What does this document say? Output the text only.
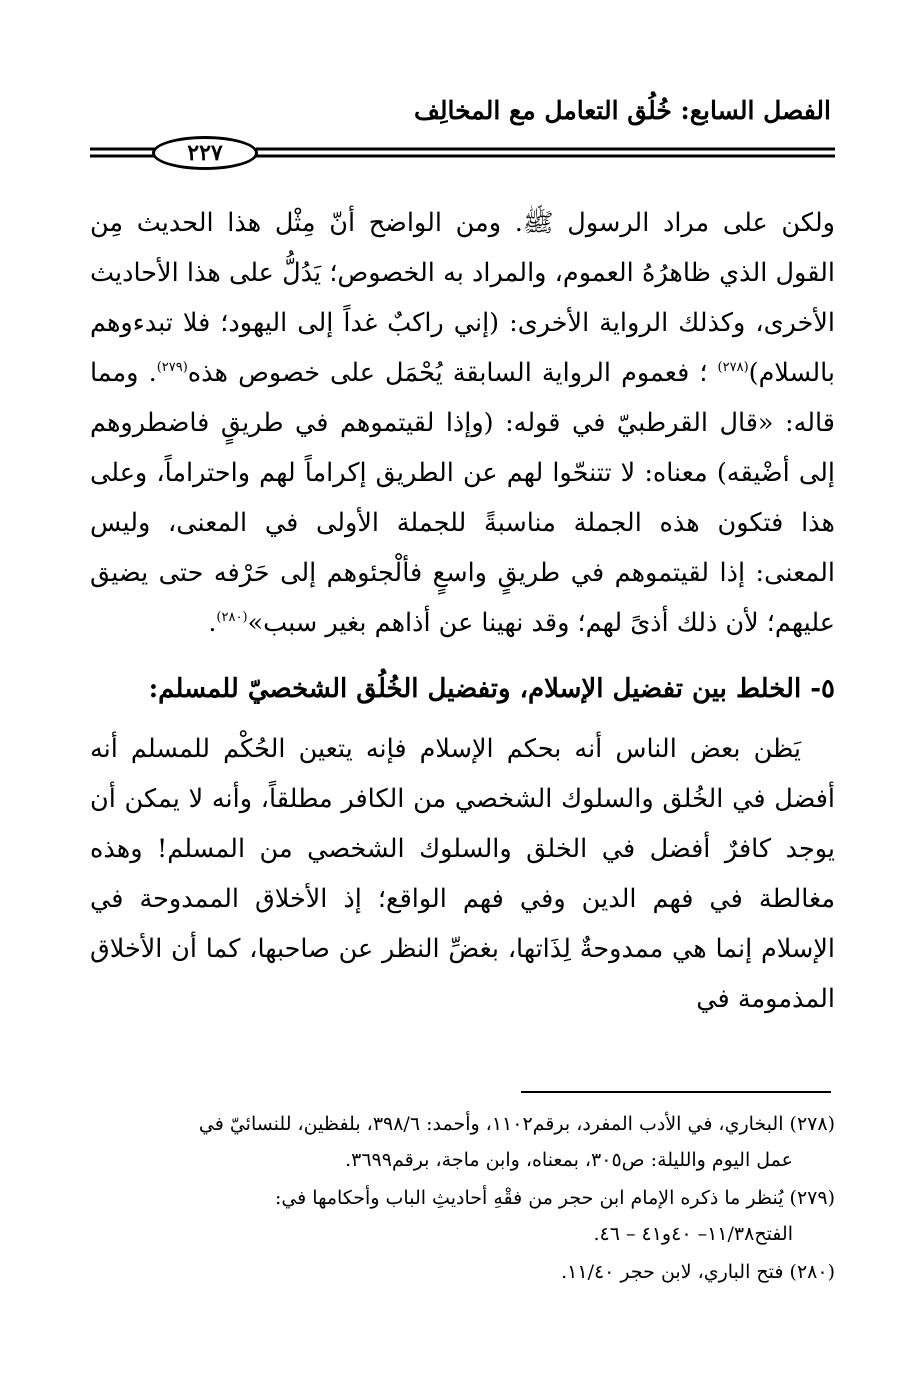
الفصل السابع: خُلُق التعامل مع المخالِف
٢٢٧

ولكن على مراد الرسول ﷺ. ومن الواضح أنّ مِثْل هذا الحديث مِن القول الذي ظاهرُهُ العموم، والمراد به الخصوص؛ يَدُلُّ على هذا الأحاديث الأخرى، وكذلك الرواية الأخرى: (إني راكبٌ غداً إلى اليهود؛ فلا تبدءوهم بالسلام)$^{(٢٧٨)}$ ؛ فعموم الرواية السابقة يُحْمَل على خصوص هذه$^{(٢٧٩)}$. ومما قاله: «قال القرطبيّ في قوله: (وإذا لقيتموهم في طريقٍ فاضطروهم إلى أضْيقه) معناه: لا تتنحّوا لهم عن الطريق إكراماً لهم واحتراماً، وعلى هذا فتكون هذه الجملة مناسبةً للجملة الأولى في المعنى، وليس المعنى: إذا لقيتموهم في طريقٍ واسعٍ فألْجئوهم إلى حَرْفه حتى يضيق عليهم؛ لأن ذلك أذىً لهم؛ وقد نهينا عن أذاهم بغير سبب»$^{(٢٨٠)}$.

٥- الخلط بين تفضيل الإسلام، وتفضيل الخُلُق الشخصيّ للمسلم:

يَظن بعض الناس أنه بحكم الإسلام فإنه يتعين الحُكْم للمسلم أنه أفضل في الخُلق والسلوك الشخصي من الكافر مطلقاً، وأنه لا يمكن أن يوجد كافرٌ أفضل في الخلق والسلوك الشخصي من المسلم! وهذه مغالطة في فهم الدين وفي فهم الواقع؛ إذ الأخلاق الممدوحة في الإسلام إنما هي ممدوحةٌ لِذَاتها، بغضِّ النظر عن صاحبها، كما أن الأخلاق المذمومة في

(٢٧٨) البخاري، في الأدب المفرد، برقم١١٠٢، وأحمد: ٣٩٨/٦، بلفظين، للنسائيّ في
عمل اليوم والليلة: ص٣٠٥، بمعناه، وابن ماجة، برقم٣٦٩٩.
(٢٧٩) يُنظر ما ذكره الإمام ابن حجر من فقْهِ أحاديثِ الباب وأحكامها في:
الفتح١١/٣٨– ٤٠و٤١ – ٤٦.
(٢٨٠) فتح الباري، لابن حجر ١١/٤٠.
